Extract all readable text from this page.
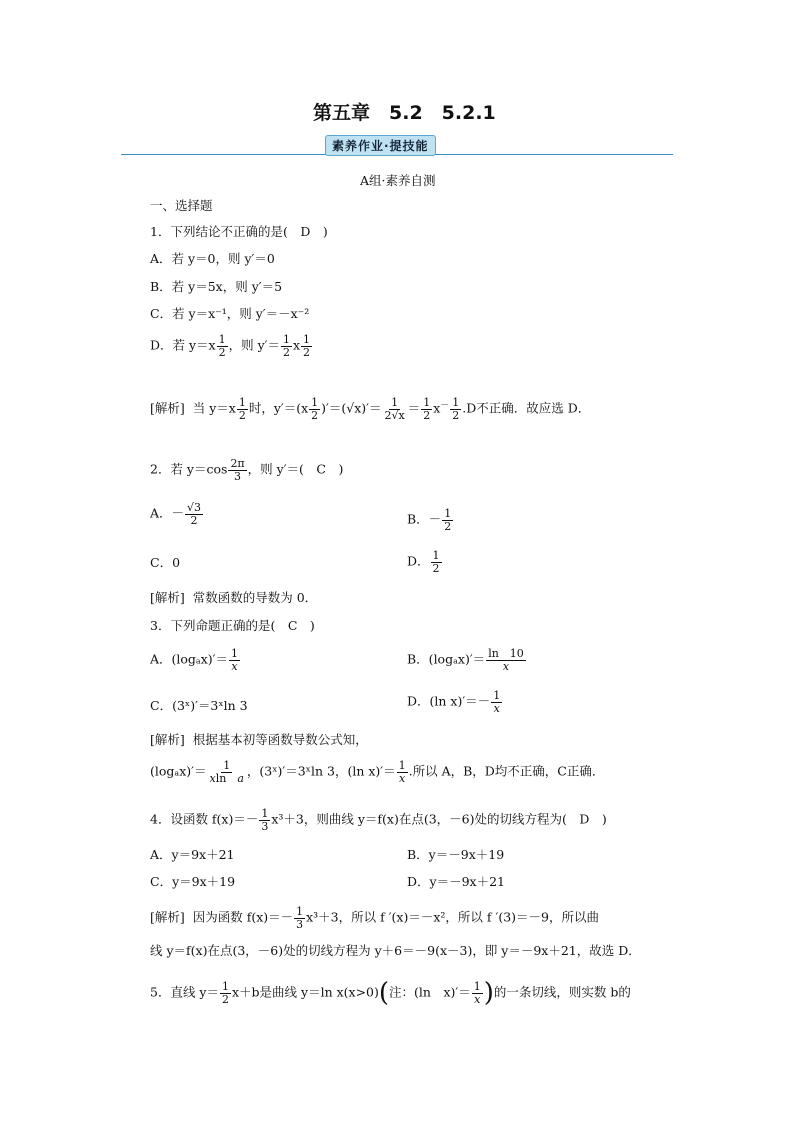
第五章　5.2　5.2.1
素养作业·提技能
A组·素养自测
一、选择题
1．下列结论不正确的是(　D　)
A．若 y＝0，则 y′＝0
B．若 y＝5x，则 y′＝5
C．若 y＝x⁻¹，则 y′＝－x⁻²
D．若 $y=x \frac{1}{2}$ ，则 $y'= \frac{1}{2}$ x $\frac{1}{2}$
[解析] 当 $y=x \frac{1}{2}$ 时，$y'=(x \frac{1}{2} )'=(√x)'= \frac{1}{2√x} = \frac{1}{2} x^- \frac{1}{2} .D$不正确．故应选 D．
2．若 $y=\cos \frac{2\pi}{3}$ ，则 y′＝(　C　)
A．－ $\frac{√3}{2}$	B．－ $\frac{1}{2}$
C．0	D． $\frac{1}{2}$
[解析] 常数函数的导数为 0．
3．下列命题正确的是(　C　)
A．$(\log_ax)'= \frac{1}{x}$	B．$(\log_ax)'= \frac{\ln 10}{x}$
C．(3ˣ)′＝3ˣln 3	D．(ln $x)'=- \frac{1}{x}$
[解析] 根据基本初等函数导数公式知，
$(\log_ax)'= \frac{1}{\text{xln　a}}$ ，(3ˣ)′＝3ˣln 3，(ln $x)'= \frac{1}{x}$ .所以 A，B，D均不正确，C正确．
4．设函数 $f(x)=- \frac{1}{3} x^3+3$，则曲线 y＝f(x)在点(3，－6)处的切线方程为(　D　)
A．y＝9x＋21	B．y＝－9x＋19
C．y＝9x＋19	D．y＝－9x＋21
[解析] 因为函数 $f(x)=- \frac{1}{3} x^3+3$，所以 f ′(x)＝－x²，所以 f ′(3)＝－9，所以曲
线 y＝f(x)在点(3，－6)处的切线方程为 y＋6＝－9(x－3)，即 y＝－9x＋21，故选 D．
5．直线 $y= \frac{1}{2} x+b$是曲线 y＝ln x(x>0)(注：(ln　$x)'= \frac{1}{x}$ )的一条切线，则实数 b的
